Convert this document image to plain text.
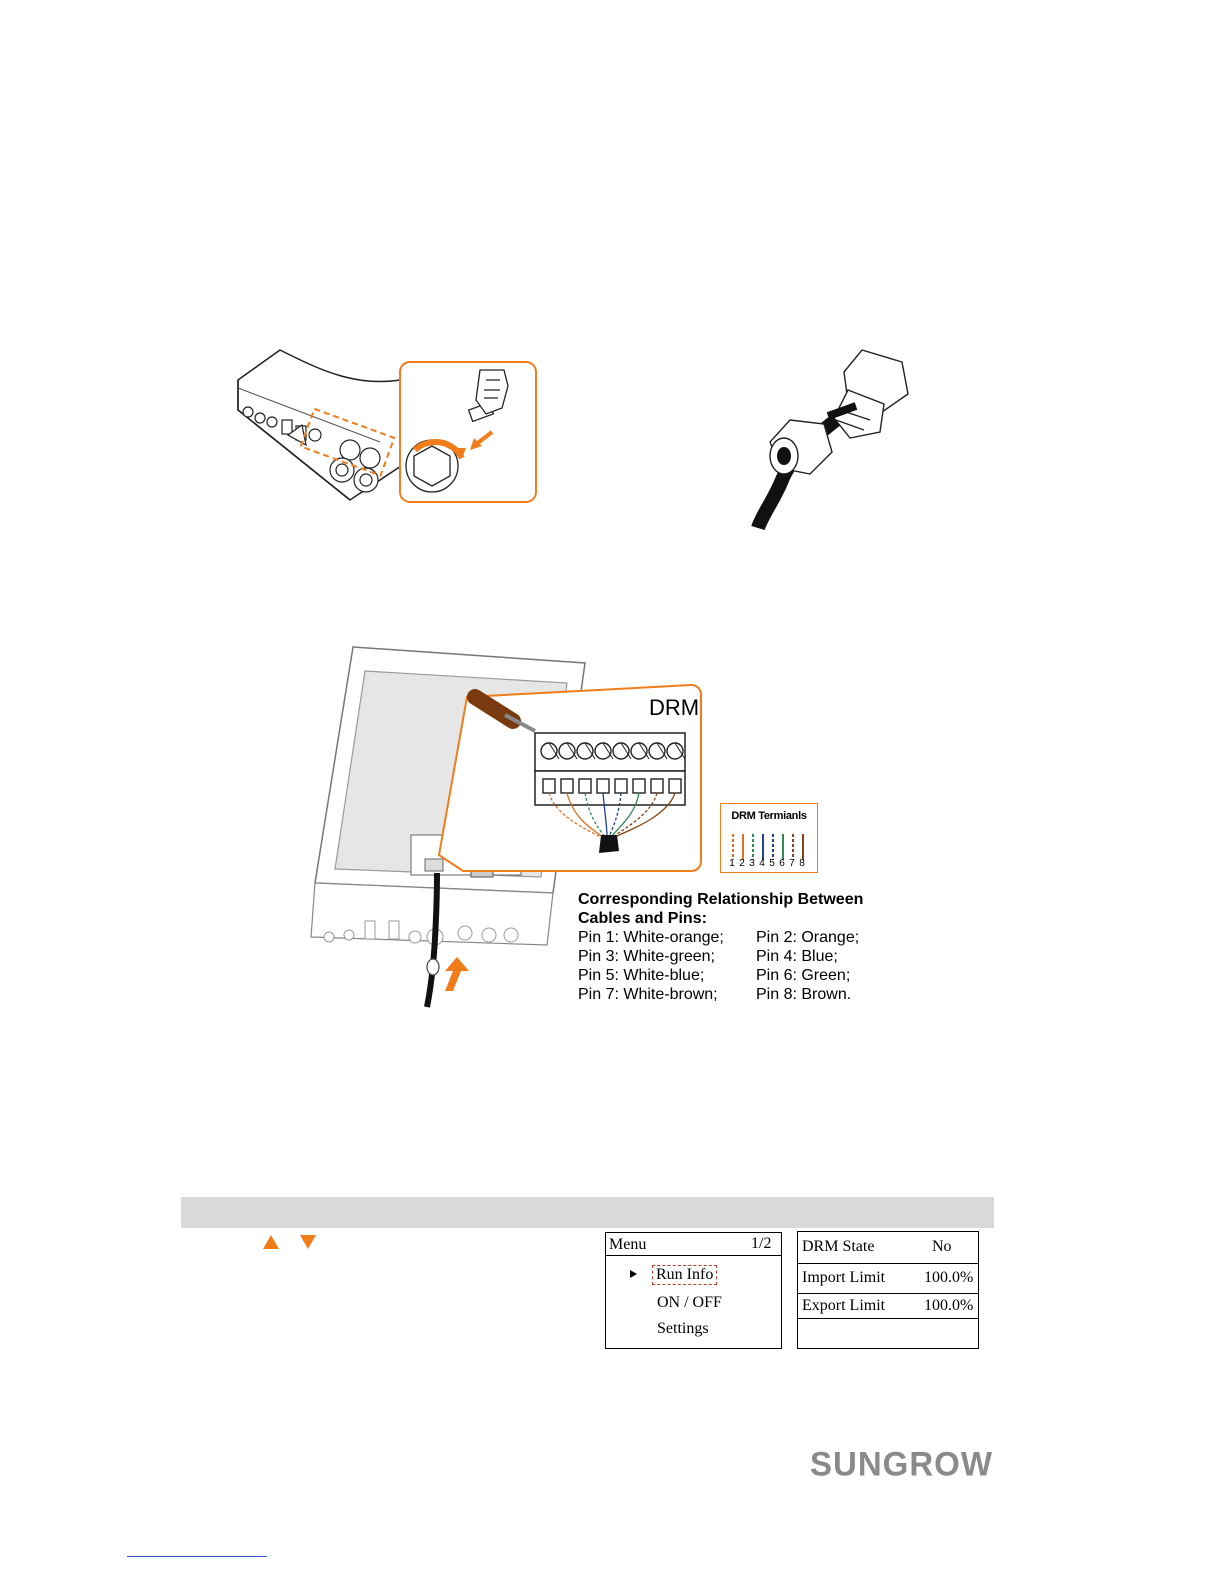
DRM
DRM Termianls
1 2 3 4 5 6 7 8
Corresponding Relationship Between
Cables and Pins:
Pin 1: White-orange;	Pin 2: Orange;
Pin 3: White-green;	Pin 4: Blue;
Pin 5: White-blue;	Pin 6: Green;
Pin 7: White-brown;	Pin 8: Brown.
Menu	1/2
Run Info
ON / OFF
Settings
DRM State	No
Import Limit 100.0%
Export Limit 100.0%
SUNGROW
